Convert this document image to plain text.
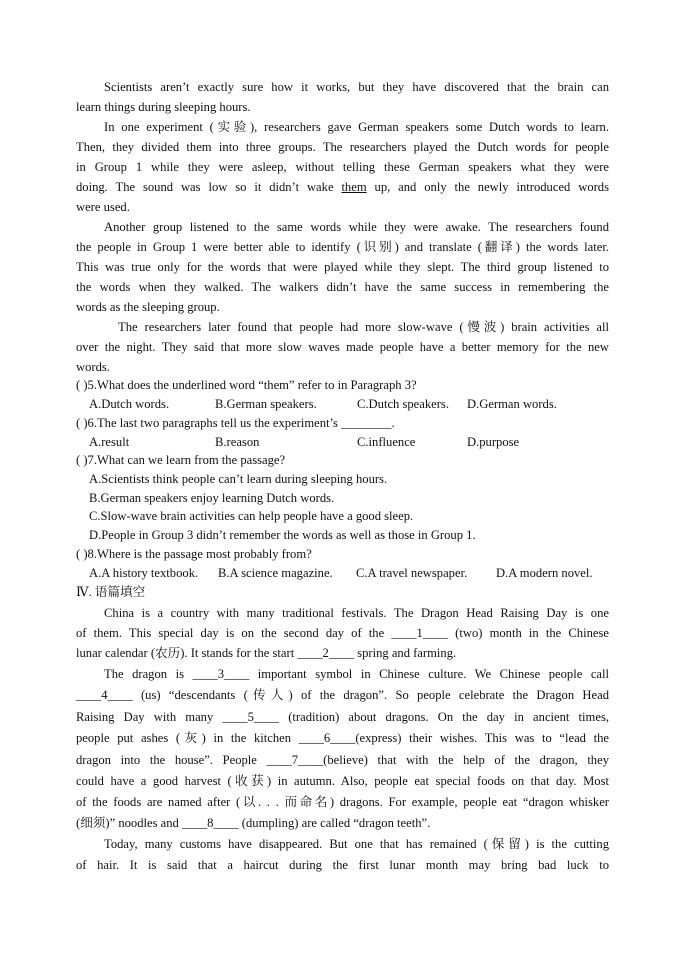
Scientists aren’t exactly sure how it works, but they have discovered that the brain can
learn things during sleeping hours.
In one experiment (实验), researchers gave German speakers some Dutch words to learn.
Then, they divided them into three groups. The researchers played the Dutch words for people
in Group 1 while they were asleep, without telling these German speakers what they were
doing. The sound was low so it didn’t wake them up, and only the newly introduced words
were used.
Another group listened to the same words while they were awake. The researchers found
the people in Group 1 were better able to identify (识别) and translate (翻译) the words later.
This was true only for the words that were played while they slept. The third group listened to
the words when they walked. The walkers didn’t have the same success in remembering the
words as the sleeping group.
The researchers later found that people had more slow-wave (慢波) brain activities all
over the night. They said that more slow waves made people have a better memory for the new
words.
( )5.What does the underlined word “them” refer to in Paragraph 3?
A.Dutch words.	B.German speakers.	C.Dutch speakers. D.German words.
( )6.The last two paragraphs tell us the experiment’s ________.
A.result	B.reason	C.influence	D.purpose
( )7.What can we learn from the passage?
A.Scientists think people can’t learn during sleeping hours.
B.German speakers enjoy learning Dutch words.
C.Slow-wave brain activities can help people have a good sleep.
D.People in Group 3 didn’t remember the words as well as those in Group 1.
( )8.Where is the passage most probably from?
A.A history textbook. B.A science magazine. C.A travel newspaper. D.A modern novel.
Ⅳ. 语篇填空
China is a country with many traditional festivals. The Dragon Head Raising Day is one
of them. This special day is on the second day of the ____1____ (two) month in the Chinese
lunar calendar (农历). It stands for the start ____2____ spring and farming.
The dragon is ____3____ important symbol in Chinese culture. We Chinese people call
____4____ (us) “descendants (传人) of the dragon”. So people celebrate the Dragon Head
Raising Day with many ____5____ (tradition) about dragons. On the day in ancient times,
people put ashes (灰) in the kitchen ____6____(express) their wishes. This was to “lead the
dragon into the house”. People ____7____(believe) that with the help of the dragon, they
could have a good harvest (收获) in autumn. Also, people eat special foods on that day. Most
of the foods are named after (以. . . 而命名) dragons. For example, people eat “dragon whisker
(细须)” noodles and ____8____ (dumpling) are called “dragon teeth”.
Today, many customs have disappeared. But one that has remained (保留) is the cutting
of hair. It is said that a haircut during the first lunar month may bring bad luck to
